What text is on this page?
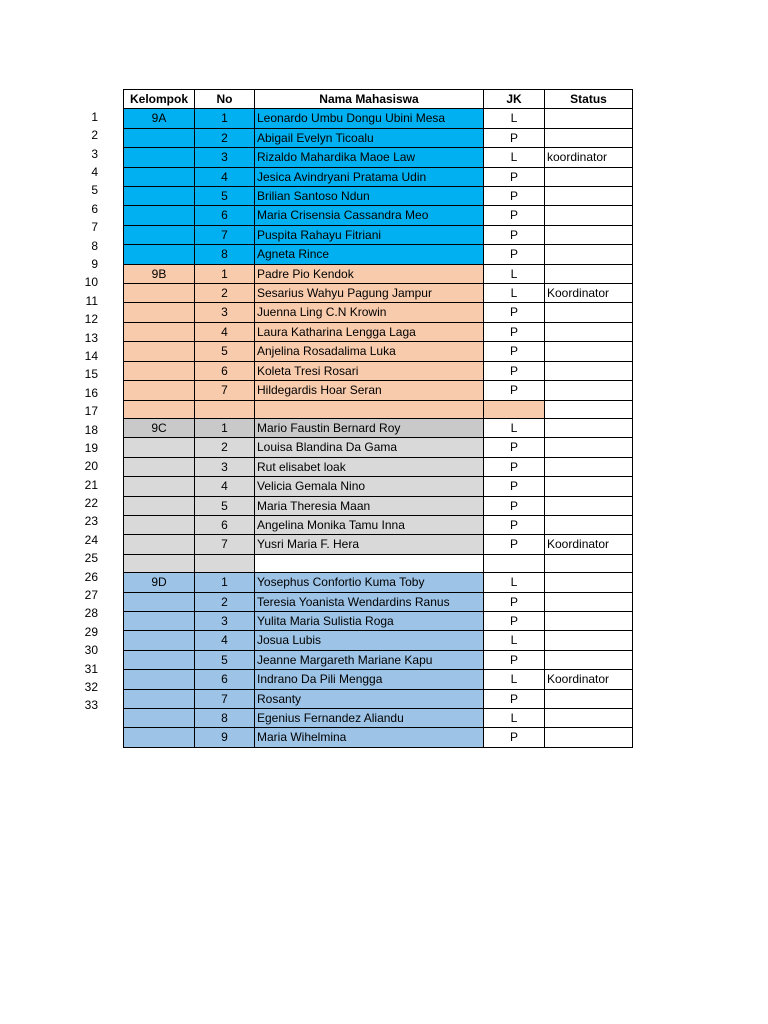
1
2
3
4
5
6
7
8
9
10
11
12
13
14
15
16
17
18
19
20
21
22
23
24
25
26
27
28
29
30
31
32
33
Kelompok	No	Nama Mahasiswa	JK	Status
9A	1	Leonardo Umbu Dongu Ubini Mesa	L	
	2	Abigail Evelyn Ticoalu	P	
	3	Rizaldo Mahardika Maoe Law	L	koordinator
	4	Jesica Avindryani Pratama Udin	P	
	5	Brilian Santoso Ndun	P	
	6	Maria Crisensia Cassandra Meo	P	
	7	Puspita Rahayu Fitriani	P	
	8	Agneta Rince	P	
9B	1	Padre Pio Kendok	L	
	2	Sesarius Wahyu Pagung Jampur	L	Koordinator
	3	Juenna Ling C.N Krowin	P	
	4	Laura Katharina Lengga Laga	P	
	5	Anjelina Rosadalima Luka	P	
	6	Koleta Tresi Rosari	P	
	7	Hildegardis Hoar Seran	P	

9C	1	Mario Faustin Bernard Roy	L	
	2	Louisa Blandina Da Gama	P	
	3	Rut elisabet loak	P	
	4	Velicia Gemala Nino	P	
	5	Maria Theresia Maan	P	
	6	Angelina Monika Tamu Inna	P	
	7	Yusri Maria F. Hera	P	Koordinator

9D	1	Yosephus Confortio Kuma Toby	L	
	2	Teresia Yoanista Wendardins Ranus	P	
	3	Yulita Maria Sulistia Roga	P	
	4	Josua Lubis	L	
	5	Jeanne Margareth Mariane Kapu	P	
	6	Indrano Da Pili Mengga	L	Koordinator
	7	Rosanty	P	
	8	Egenius Fernandez Aliandu	L	
	9	Maria Wihelmina	P	
